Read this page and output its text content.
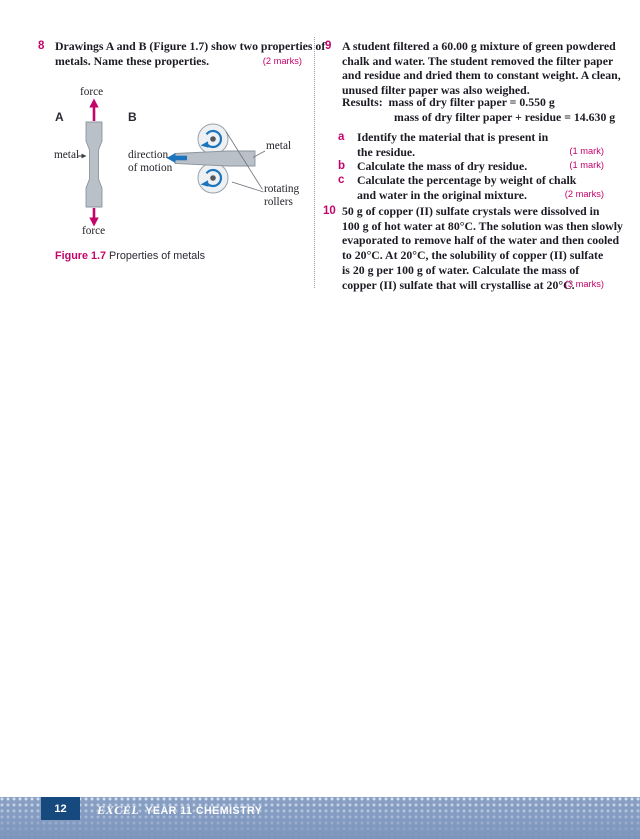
8 Drawings A and B (Figure 1.7) show two properties of
metals. Name these properties.	(2 marks)
force
A	B
metal	direction
of motion
metal
rotating
rollers
force
Figure 1.7 Properties of metals
9 A student filtered a 60.00 g mixture of green powdered
chalk and water. The student removed the filter paper
and residue and dried them to constant weight. A clean,
unused filter paper was also weighed.
Results: mass of dry filter paper = 0.550 g
mass of dry filter paper + residue = 14.630 g
a Identify the material that is present in
the residue.	(1 mark)
b Calculate the mass of dry residue.	(1 mark)
c Calculate the percentage by weight of chalk
and water in the original mixture.	(2 marks)
10 50 g of copper (II) sulfate crystals were dissolved in
100 g of hot water at 80°C. The solution was then slowly
evaporated to remove half of the water and then cooled
to 20°C. At 20°C, the solubility of copper (II) sulfate
is 20 g per 100 g of water. Calculate the mass of
copper (II) sulfate that will crystallise at 20°C.
(3 marks)
12	EXCEL YEAR 11 CHEMISTRY
